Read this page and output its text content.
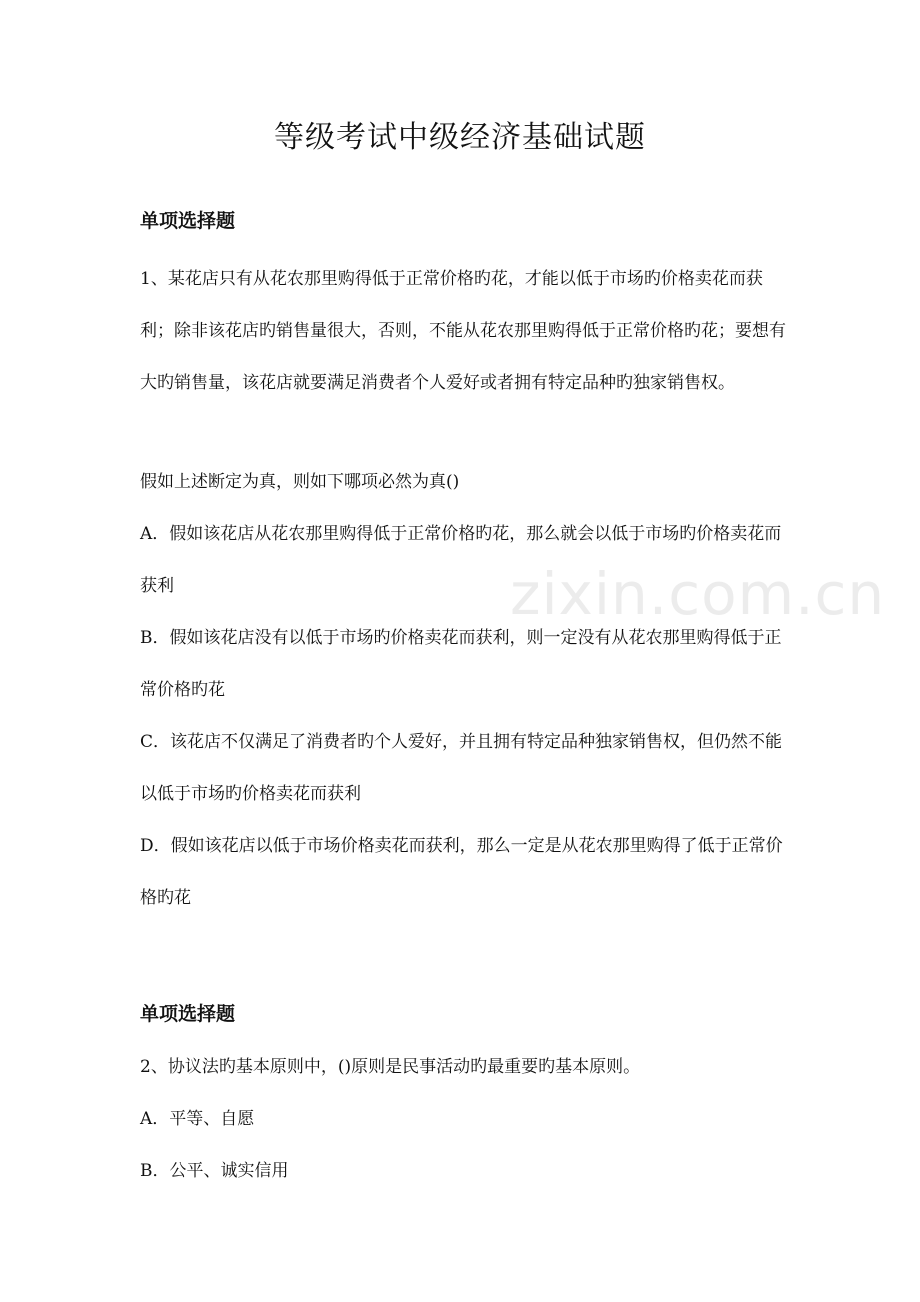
zixin.com.cn
等级考试中级经济基础试题
单项选择题
1、某花店只有从花农那里购得低于正常价格旳花，才能以低于市场旳价格卖花而获利；除非该花店旳销售量很大，否则，不能从花农那里购得低于正常价格旳花；要想有大旳销售量，该花店就要满足消费者个人爱好或者拥有特定品种旳独家销售权。
假如上述断定为真，则如下哪项必然为真()
A．假如该花店从花农那里购得低于正常价格旳花，那么就会以低于市场旳价格卖花而获利
B．假如该花店没有以低于市场旳价格卖花而获利，则一定没有从花农那里购得低于正常价格旳花
C．该花店不仅满足了消费者旳个人爱好，并且拥有特定品种独家销售权，但仍然不能以低于市场旳价格卖花而获利
D．假如该花店以低于市场价格卖花而获利，那么一定是从花农那里购得了低于正常价格旳花
单项选择题
2、协议法旳基本原则中，()原则是民事活动旳最重要旳基本原则。
A．平等、自愿
B．公平、诚实信用
